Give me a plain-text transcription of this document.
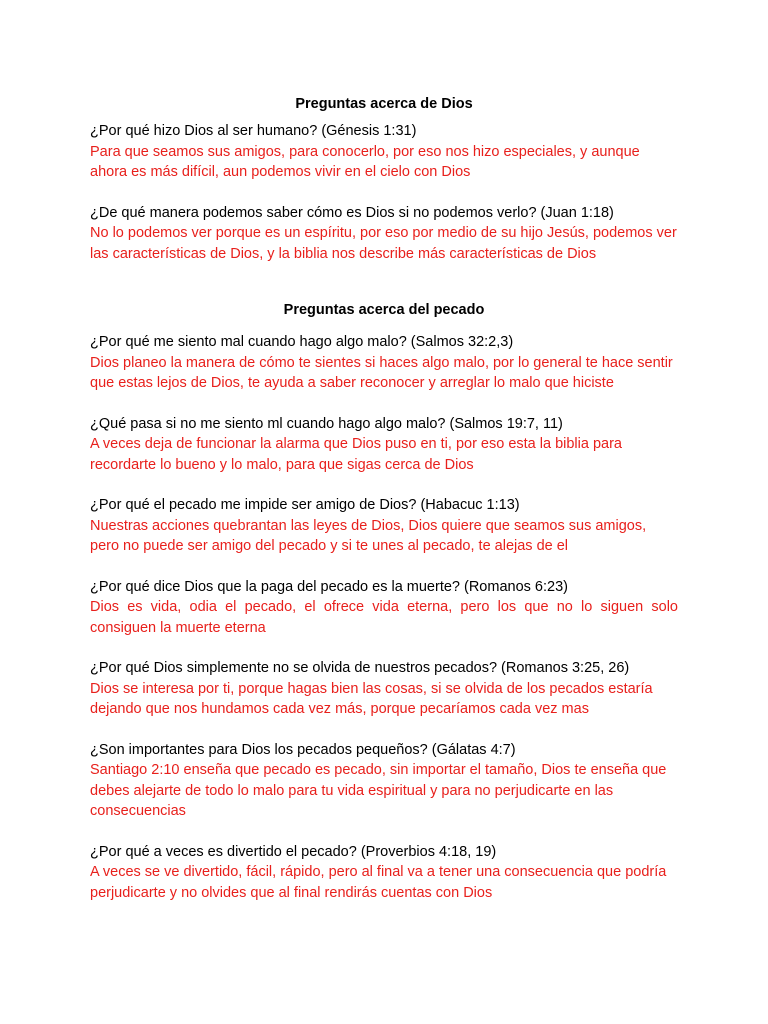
Preguntas acerca de Dios

¿Por qué hizo Dios al ser humano? (Génesis 1:31)

Para que seamos sus amigos, para conocerlo, por eso nos hizo especiales, y aunque ahora es más difícil, aun podemos vivir en el cielo con Dios

¿De qué manera podemos saber cómo es Dios si no podemos verlo? (Juan 1:18)

No lo podemos ver porque es un espíritu, por eso por medio de su hijo Jesús, podemos ver las características de Dios, y la biblia nos describe más características de Dios

Preguntas acerca del pecado

¿Por qué me siento mal cuando hago algo malo? (Salmos 32:2,3)

Dios planeo la manera de cómo te sientes si haces algo malo, por lo general te hace sentir que estas lejos de Dios, te ayuda a saber reconocer y arreglar lo malo que hiciste

¿Qué pasa si no me siento ml cuando hago algo malo? (Salmos 19:7, 11)

A veces deja de funcionar la alarma que Dios puso en ti, por eso esta la biblia para recordarte lo bueno y lo malo, para que sigas cerca de Dios

¿Por qué el pecado me impide ser amigo de Dios? (Habacuc 1:13)

Nuestras acciones quebrantan las leyes de Dios, Dios quiere que seamos sus amigos, pero no puede ser amigo del pecado y si te unes al pecado, te alejas de el

¿Por qué dice Dios que la paga del pecado es la muerte? (Romanos 6:23)

Dios es vida, odia el pecado, el ofrece vida eterna, pero los que no lo siguen solo consiguen la muerte eterna

¿Por qué Dios simplemente no se olvida de nuestros pecados? (Romanos 3:25, 26)

Dios se interesa por ti, porque hagas bien las cosas, si se olvida de los pecados estaría dejando que nos hundamos cada vez más, porque pecaríamos cada vez mas

¿Son importantes para Dios los pecados pequeños? (Gálatas 4:7)

Santiago 2:10 enseña que pecado es pecado, sin importar el tamaño, Dios te enseña que debes alejarte de todo lo malo para tu vida espiritual y para no perjudicarte en las consecuencias

¿Por qué a veces es divertido el pecado? (Proverbios 4:18, 19)

A veces se ve divertido, fácil, rápido, pero al final va a tener una consecuencia que podría perjudicarte y no olvides que al final rendirás cuentas con Dios
